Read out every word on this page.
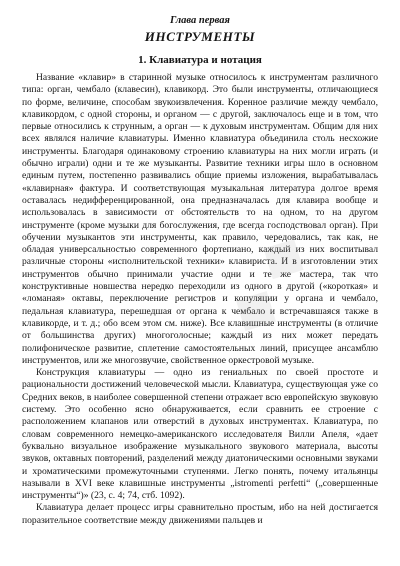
Глава первая

ИНСТРУМЕНТЫ

1. Клавиатура и нотация

Название «клавир» в старинной музыке относилось к инструментам различного типа: орган, чембало (клавесин), клавикорд. Это были инструменты, отличающиеся по форме, величине, способам звукоизвлечения. Коренное различие между чембало, клавикордом, с одной стороны, и органом — с другой, заключалось еще и в том, что первые относились к струнным, а орган — к духовым инструментам. Общим для них всех являлся наличие клавиатуры. Именно клавиатура объединила столь несхожие инструменты. Благодаря одинаковому строению клавиатуры на них могли играть (и обычно играли) одни и те же музыканты. Развитие техники игры шло в основном единым путем, постепенно развивались общие приемы изложения, вырабатывалась «клавирная» фактура. И соответствующая музыкальная литература долгое время оставалась недифференцированной, она предназначалась для клавира вообще и использовалась в зависимости от обстоятельств то на одном, то на другом инструменте (кроме музыки для богослужения, где всегда господствовал орган). При обучении музыкантов эти инструменты, как правило, чередовались, так как, не обладая универсальностью современного фортепиано, каждый из них воспитывал различные стороны «исполнительской техники» клавириста. И в изготовлении этих инструментов обычно принимали участие одни и те же мастера, так что конструктивные новшества нередко переходили из одного в другой («короткая» и «ломаная» октавы, переключение регистров и копуляции у органа и чембало, педальная клавиатура, перешедшая от органа к чембало и встречавшаяся также в клавикорде, и т. д.; обо всем этом см. ниже). Все клавишные инструменты (в отличие от большинства других) многоголосные; каждый из них может передать полифоническое развитие, сплетение самостоятельных линий, присущее ансамблю инструментов, или же многозвучие, свойственное оркестровой музыке.

Конструкция клавиатуры — одно из гениальных по своей простоте и рациональности достижений человеческой мысли. Клавиатура, существующая уже со Средних веков, в наиболее совершенной степени отражает всю европейскую звуковую систему. Это особенно ясно обнаруживается, если сравнить ее строение с расположением клапанов или отверстий в духовых инструментах. Клавиатура, по словам современного немецко-американского исследователя Вилли Апеля, «дает буквально визуальное изображение музыкального звукового материала, высоты звуков, октавных повторений, разделений между диатоническими основными звуками и хроматическими промежуточными ступенями. Легко понять, почему итальянцы называли в XVI веке клавишные инструменты „istromenti perfetti“ („совершенные инструменты“)» (23, с. 4; 74, стб. 1092).

Клавиатура делает процесс игры сравнительно простым, ибо на ней достигается поразительное соответствие между движениями пальцев и

◆ ◆
